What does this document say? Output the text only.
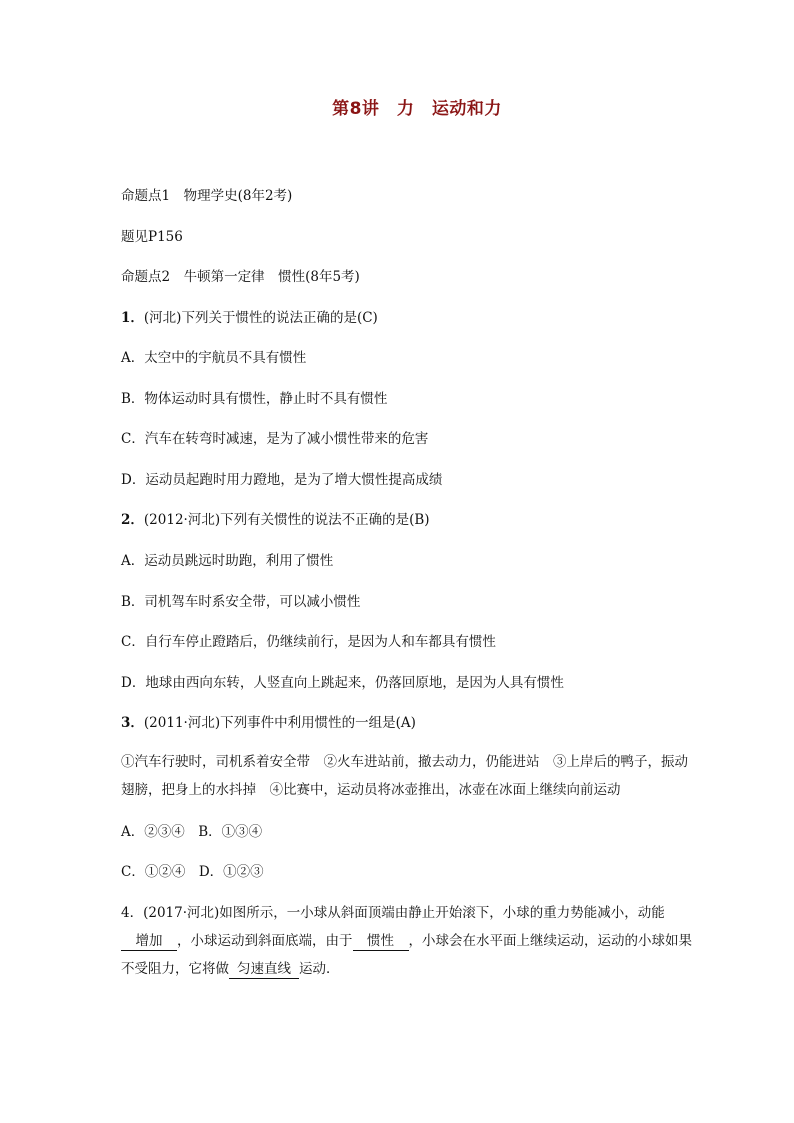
第8讲　力　运动和力
命题点1　物理学史(8年2考)
题见P156
命题点2　牛顿第一定律　惯性(8年5考)
1．(河北)下列关于惯性的说法正确的是(C)
A．太空中的宇航员不具有惯性
B．物体运动时具有惯性，静止时不具有惯性
C．汽车在转弯时减速，是为了减小惯性带来的危害
D．运动员起跑时用力蹬地，是为了增大惯性提高成绩
2．(2012·河北)下列有关惯性的说法不正确的是(B)
A．运动员跳远时助跑，利用了惯性
B．司机驾车时系安全带，可以减小惯性
C．自行车停止蹬踏后，仍继续前行，是因为人和车都具有惯性
D．地球由西向东转，人竖直向上跳起来，仍落回原地，是因为人具有惯性
3．(2011·河北)下列事件中利用惯性的一组是(A)
①汽车行驶时，司机系着安全带　②火车进站前，撤去动力，仍能进站　③上岸后的鸭子，振动翅膀，把身上的水抖掉　④比赛中，运动员将冰壶推出，冰壶在冰面上继续向前运动
A．②③④　B．①③④
C．①②④　D．①②③
4．(2017·河北)如图所示，一小球从斜面顶端由静止开始滚下，小球的重力势能减小，动能增加 ，小球运动到斜面底端，由于 惯性 ，小球会在水平面上继续运动，运动的小球如果不受阻力，它将做 匀速直线 运动．
